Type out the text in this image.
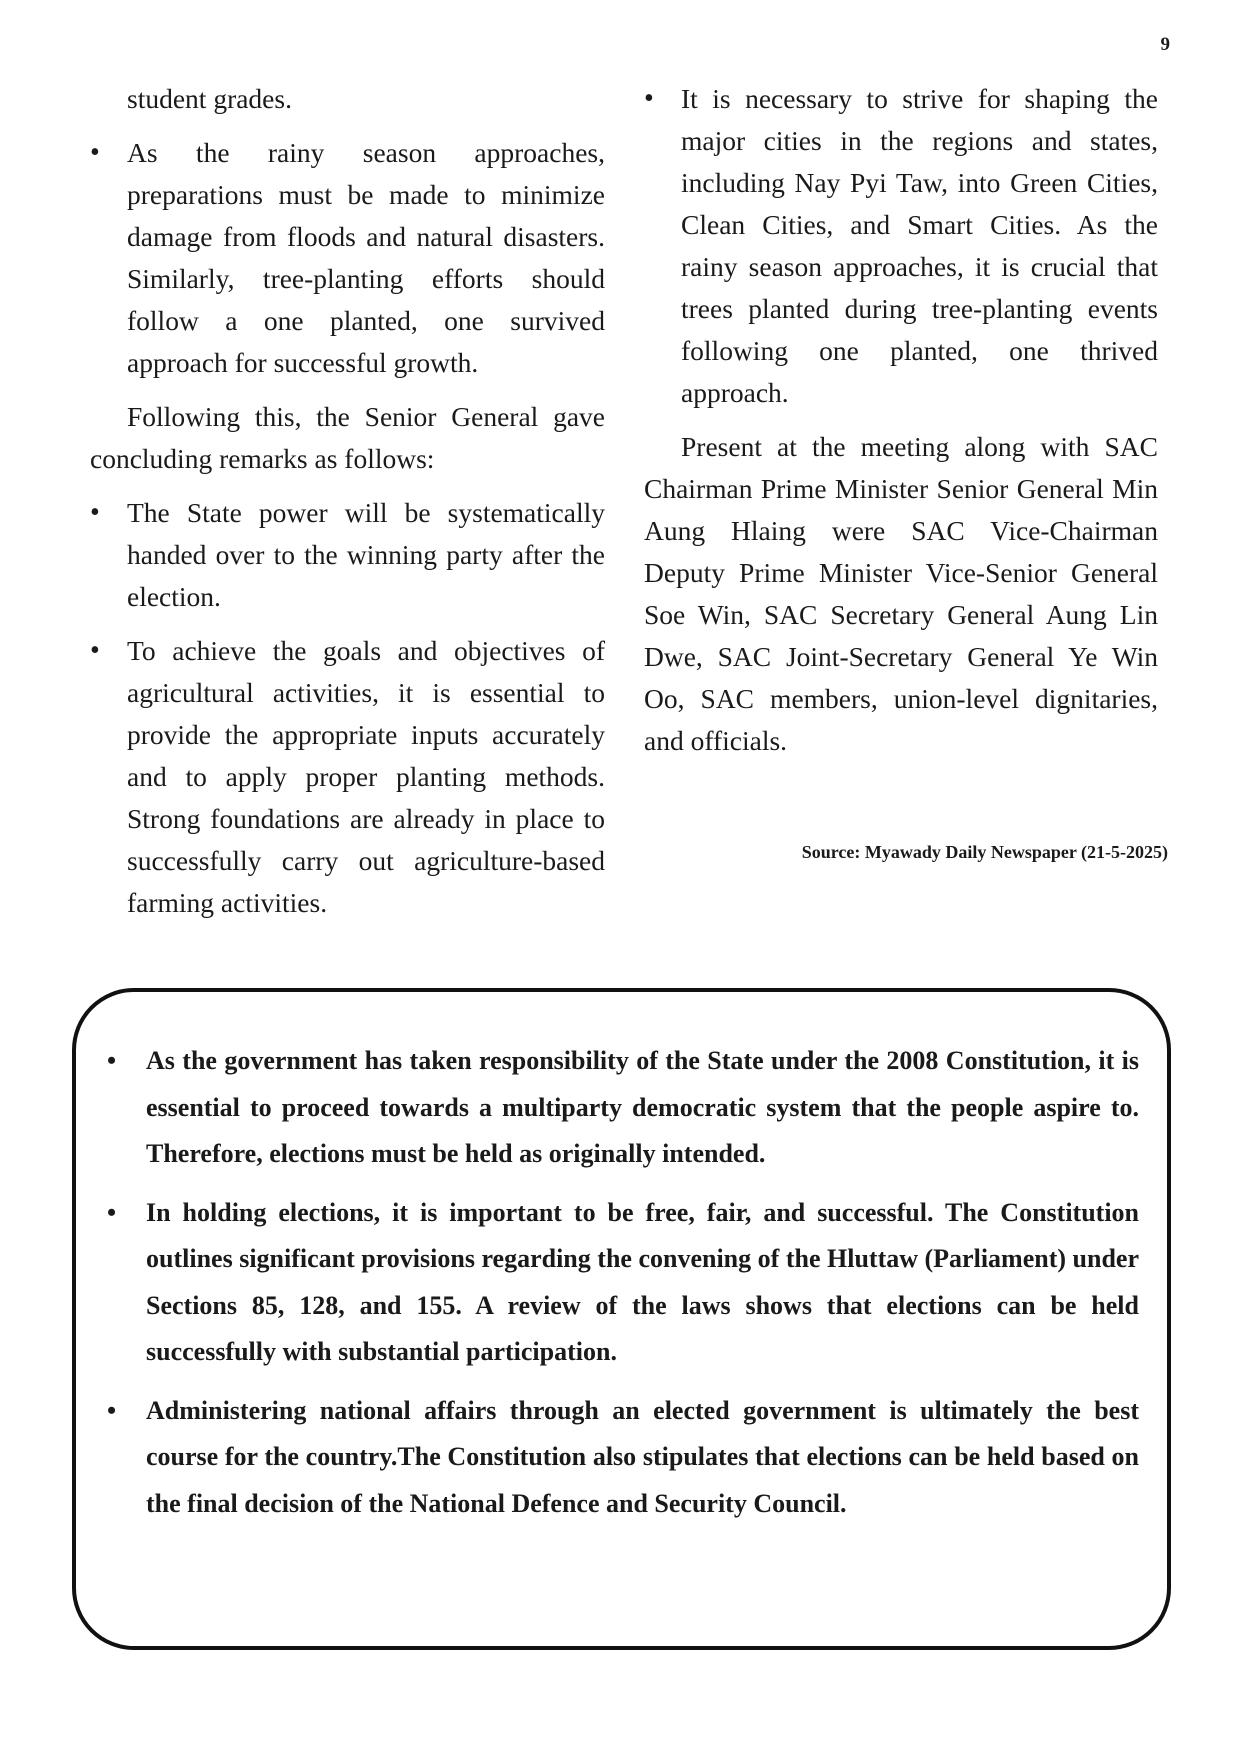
9

student grades.

• As the rainy season approaches, preparations must be made to minimize damage from floods and natural disasters. Similarly, tree-planting efforts should follow a one planted, one survived approach for successful growth.

Following this, the Senior General gave concluding remarks as follows:

• The State power will be systematically handed over to the winning party after the election.
• To achieve the goals and objectives of agricultural activities, it is essential to provide the appropriate inputs accurately and to apply proper planting methods. Strong foundations are already in place to successfully carry out agriculture-based farming activities.
• It is necessary to strive for shaping the major cities in the regions and states, including Nay Pyi Taw, into Green Cities, Clean Cities, and Smart Cities. As the rainy season approaches, it is crucial that trees planted during tree-planting events following one planted, one thrived approach.

Present at the meeting along with SAC Chairman Prime Minister Senior General Min Aung Hlaing were SAC Vice-Chairman Deputy Prime Minister Vice-Senior General Soe Win, SAC Secretary General Aung Lin Dwe, SAC Joint-Secretary General Ye Win Oo, SAC members, union-level dignitaries, and officials.

Source: Myawady Daily Newspaper (21-5-2025)
• As the government has taken responsibility of the State under the 2008 Constitution, it is essential to proceed towards a multiparty democratic system that the people aspire to. Therefore, elections must be held as originally intended.
• In holding elections, it is important to be free, fair, and successful. The Constitution outlines significant provisions regarding the convening of the Hluttaw (Parliament) under Sections 85, 128, and 155. A review of the laws shows that elections can be held successfully with substantial participation.
• Administering national affairs through an elected government is ultimately the best course for the country.The Constitution also stipulates that elections can be held based on the final decision of the National Defence and Security Council.
